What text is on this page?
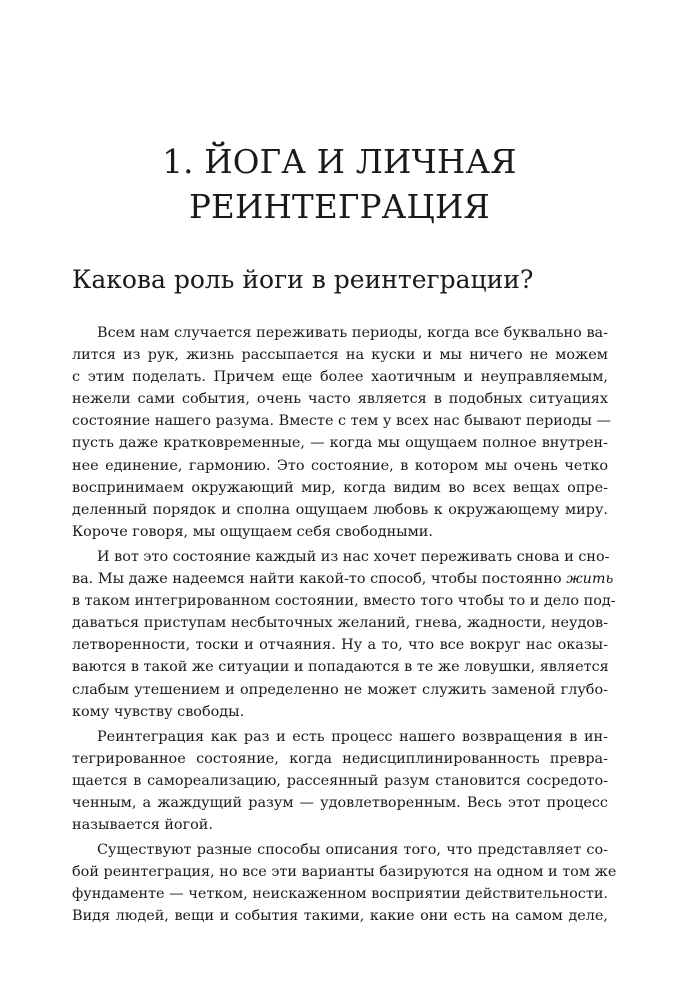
1. ЙОГА И ЛИЧНАЯ
РЕИНТЕГРАЦИЯ
Какова роль йоги в реинтеграции?

Всем нам случается переживать периоды, когда все буквально ва-
лится из рук, жизнь рассыпается на куски и мы ничего не можем
с этим поделать. Причем еще более хаотичным и неуправляемым,
нежели сами события, очень часто является в подобных ситуациях
состояние нашего разума. Вместе с тем у всех нас бывают периоды —
пусть даже кратковременные, — когда мы ощущаем полное внутрен-
нее единение, гармонию. Это состояние, в котором мы очень четко
воспринимаем окружающий мир, когда видим во всех вещах опре-
деленный порядок и сполна ощущаем любовь к окружающему миру.
Короче говоря, мы ощущаем себя свободными.

И вот это состояние каждый из нас хочет переживать снова и сно-
ва. Мы даже надеемся найти какой-то способ, чтобы постоянно жить
в таком интегрированном состоянии, вместо того чтобы то и дело под-
даваться приступам несбыточных желаний, гнева, жадности, неудов-
летворенности, тоски и отчаяния. Ну а то, что все вокруг нас оказы-
ваются в такой же ситуации и попадаются в те же ловушки, является
слабым утешением и определенно не может служить заменой глубо-
кому чувству свободы.

Реинтеграция как раз и есть процесс нашего возвращения в ин-
тегрированное состояние, когда недисциплинированность превра-
щается в самореализацию, рассеянный разум становится сосредото-
ченным, а жаждущий разум — удовлетворенным. Весь этот процесс
называется йогой.

Существуют разные способы описания того, что представляет со-
бой реинтеграция, но все эти варианты базируются на одном и том же
фундаменте — четком, неискаженном восприятии действительности.
Видя людей, вещи и события такими, какие они есть на самом деле,
